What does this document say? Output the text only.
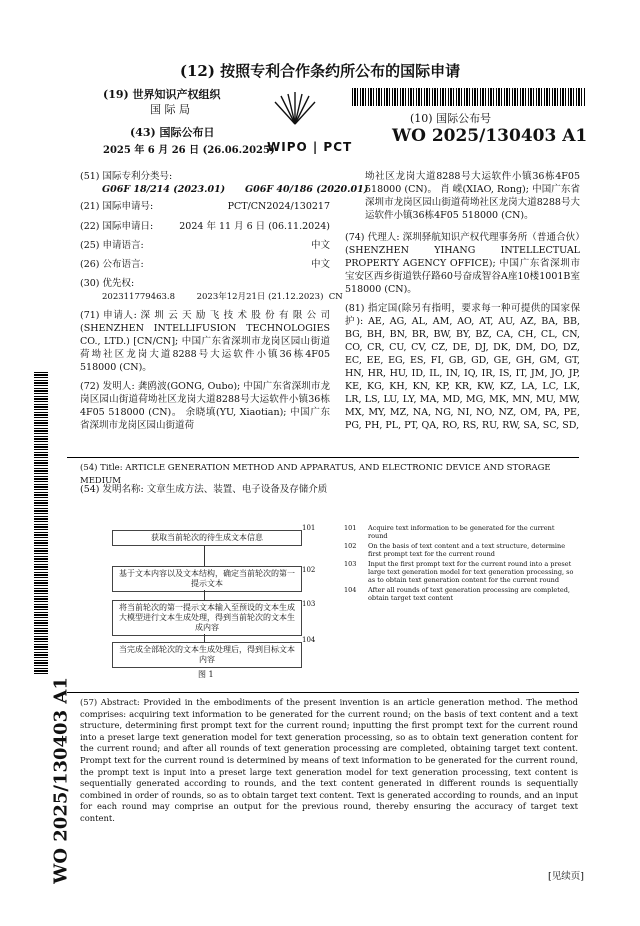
(12) 按照专利合作条约所公布的国际申请
(19) 世界知识产权组织
国 际 局
(43) 国际公布日
2025 年 6 月 26 日 (26.06.2025)
WIPO | PCT
(10) 国际公布号
WO 2025/130403 A1
(51) 国际专利分类号:
G06F 18/214 (2023.01)      G06F 40/186 (2020.01)
(21) 国际申请号:	PCT/CN2024/130217
(22) 国际申请日:	2024 年 11 月 6 日 (06.11.2024)
(25) 申请语言:	中文
(26) 公布语言:	中文
(30) 优先权:
202311779463.8        2023年12月21日 (21.12.2023)  CN
(71) 申请人: 深 圳 云 天 励 飞 技 术 股 份 有 限 公 司(SHENZHEN INTELLIFUSION TECHNOLOGIES CO., LTD.) [CN/CN]; 中国广东省深圳市龙岗区园山街道荷坳社区龙岗大道8288号大运软件小镇36栋4F05 518000 (CN)。
(72) 发明人: 龚鸥波(GONG, Oubo); 中国广东省深圳市龙岗区园山街道荷坳社区龙岗大道8288号大运软件小镇36栋4F05 518000 (CN)。 余晓填(YU, Xiaotian); 中国广东省深圳市龙岗区园山街道荷
坳社区龙岗大道8288号大运软件小镇36栋4F05 518000 (CN)。 肖 嵘(XIAO, Rong); 中国广东省深圳市龙岗区园山街道荷坳社区龙岗大道8288号大运软件小镇36栋4F05 518000 (CN)。
(74) 代理人: 深圳驿航知识产权代理事务所（普通合伙）(SHENZHEN YIHANG INTELLECTUAL PROPERTY AGENCY OFFICE); 中国广东省深圳市宝安区西乡街道铁仔路60号奋成智谷A座10楼1001B室 518000 (CN)。
(81) 指定国(除另有指明，要求每一种可提供的国家保护): AE, AG, AL, AM, AO, AT, AU, AZ, BA, BB, BG, BH, BN, BR, BW, BY, BZ, CA, CH, CL, CN, CO, CR, CU, CV, CZ, DE, DJ, DK, DM, DO, DZ, EC, EE, EG, ES, FI, GB, GD, GE, GH, GM, GT, HN, HR, HU, ID, IL, IN, IQ, IR, IS, IT, JM, JO, JP, KE, KG, KH, KN, KP, KR, KW, KZ, LA, LC, LK, LR, LS, LU, LY, MA, MD, MG, MK, MN, MU, MW, MX, MY, MZ, NA, NG, NI, NO, NZ, OM, PA, PE, PG, PH, PL, PT, QA, RO, RS, RU, RW, SA, SC, SD,
(54) Title: ARTICLE GENERATION METHOD AND APPARATUS, AND ELECTRONIC DEVICE AND STORAGE MEDIUM
(54) 发明名称: 文章生成方法、装置、电子设备及存储介质
获取当前轮次的待生成文本信息
基于文本内容以及文本结构，确定当前轮次的第一提示文本
将当前轮次的第一提示文本输入至预设的文本生成大模型进行文本生成处理，得到当前轮次的文本生成内容
当完成全部轮次的文本生成处理后，得到目标文本内容
101
102
103
104
图 1
101	Acquire text information to be generated for the current round
102	On the basis of text content and a text structure, determine first prompt text for the current round
103	Input the first prompt text for the current round into a preset large text generation model for text generation processing, so as to obtain text generation content for the current round
104	After all rounds of text generation processing are completed, obtain target text content
(57) Abstract: Provided in the embodiments of the present invention is an article generation method. The method comprises: acquiring text information to be generated for the current round; on the basis of text content and a text structure, determining first prompt text for the current round; inputting the first prompt text for the current round into a preset large text generation model for text generation processing, so as to obtain text generation content for the current round; and after all rounds of text generation processing are completed, obtaining target text content. Prompt text for the current round is determined by means of text information to be generated for the current round, the prompt text is input into a preset large text generation model for text generation processing, text content is sequentially generated according to rounds, and the text content generated in different rounds is sequentially combined in order of rounds, so as to obtain target text content. Text is generated according to rounds, and an input for each round may comprise an output for the previous round, thereby ensuring the accuracy of target text content.
WO 2025/130403 A1	[见续页]
